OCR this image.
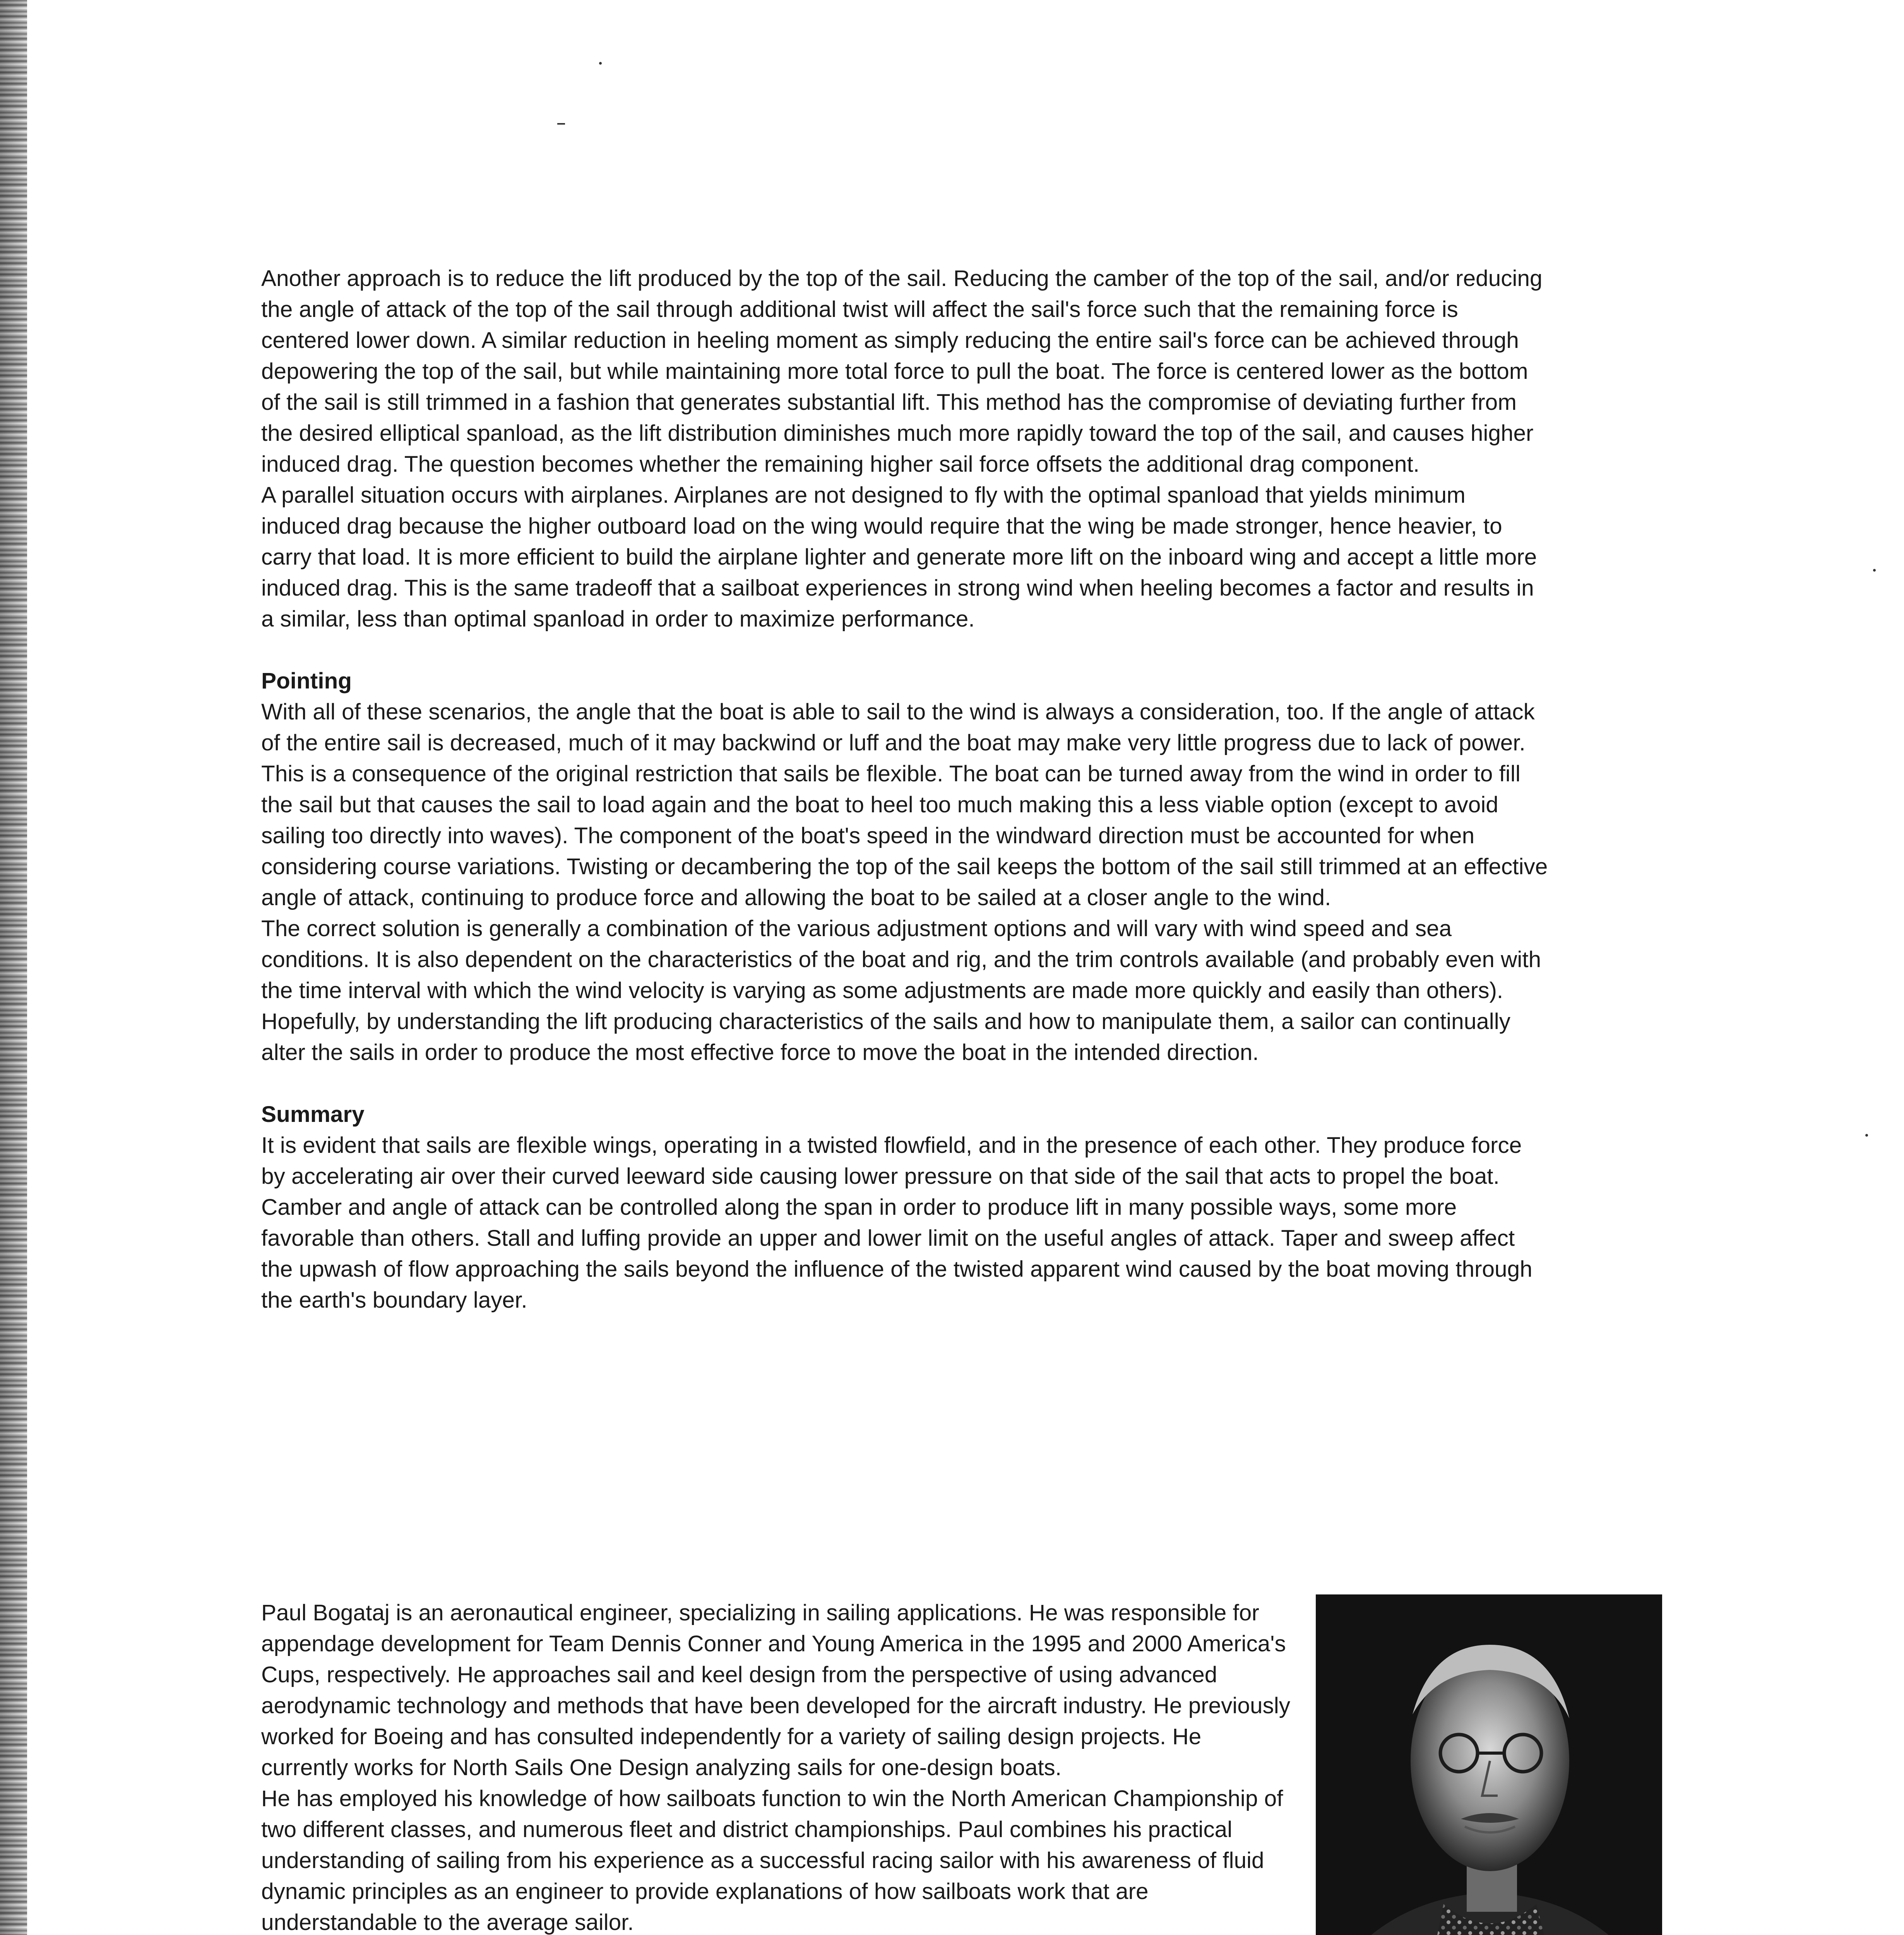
Another approach is to reduce the lift produced by the top of the sail. Reducing the camber of the top of the sail, and/or reducing the angle of attack of the top of the sail through additional twist will affect the sail's force such that the remaining force is centered lower down. A similar reduction in heeling moment as simply reducing the entire sail's force can be achieved through depowering the top of the sail, but while maintaining more total force to pull the boat. The force is centered lower as the bottom of the sail is still trimmed in a fashion that generates substantial lift. This method has the compromise of deviating further from the desired elliptical spanload, as the lift distribution diminishes much more rapidly toward the top of the sail, and causes higher induced drag. The question becomes whether the remaining higher sail force offsets the additional drag component.

A parallel situation occurs with airplanes. Airplanes are not designed to fly with the optimal spanload that yields minimum induced drag because the higher outboard load on the wing would require that the wing be made stronger, hence heavier, to carry that load. It is more efficient to build the airplane lighter and generate more lift on the inboard wing and accept a little more induced drag. This is the same tradeoff that a sailboat experiences in strong wind when heeling becomes a factor and results in a similar, less than optimal spanload in order to maximize performance.

Pointing

With all of these scenarios, the angle that the boat is able to sail to the wind is always a consideration, too. If the angle of attack of the entire sail is decreased, much of it may backwind or luff and the boat may make very little progress due to lack of power. This is a consequence of the original restriction that sails be flexible. The boat can be turned away from the wind in order to fill the sail but that causes the sail to load again and the boat to heel too much making this a less viable option (except to avoid sailing too directly into waves). The component of the boat's speed in the windward direction must be accounted for when considering course variations. Twisting or decambering the top of the sail keeps the bottom of the sail still trimmed at an effective angle of attack, continuing to produce force and allowing the boat to be sailed at a closer angle to the wind.

The correct solution is generally a combination of the various adjustment options and will vary with wind speed and sea conditions. It is also dependent on the characteristics of the boat and rig, and the trim controls available (and probably even with the time interval with which the wind velocity is varying as some adjustments are made more quickly and easily than others). Hopefully, by understanding the lift producing characteristics of the sails and how to manipulate them, a sailor can continually alter the sails in order to produce the most effective force to move the boat in the intended direction.

Summary

It is evident that sails are flexible wings, operating in a twisted flowfield, and in the presence of each other. They produce force by accelerating air over their curved leeward side causing lower pressure on that side of the sail that acts to propel the boat. Camber and angle of attack can be controlled along the span in order to produce lift in many possible ways, some more favorable than others. Stall and luffing provide an upper and lower limit on the useful angles of attack. Taper and sweep affect the upwash of flow approaching the sails beyond the influence of the twisted apparent wind caused by the boat moving through the earth's boundary layer.

Paul Bogataj is an aeronautical engineer, specializing in sailing applications. He was responsible for appendage development for Team Dennis Conner and Young America in the 1995 and 2000 America's Cups, respectively. He approaches sail and keel design from the perspective of using advanced aerodynamic technology and methods that have been developed for the aircraft industry. He previously worked for Boeing and has consulted independently for a variety of sailing design projects. He currently works for North Sails One Design analyzing sails for one-design boats.

He has employed his knowledge of how sailboats function to win the North American Championship of two different classes, and numerous fleet and district championships. Paul combines his practical understanding of sailing from his experience as a successful racing sailor with his awareness of fluid dynamic principles as an engineer to provide explanations of how sailboats work that are understandable to the average sailor.
